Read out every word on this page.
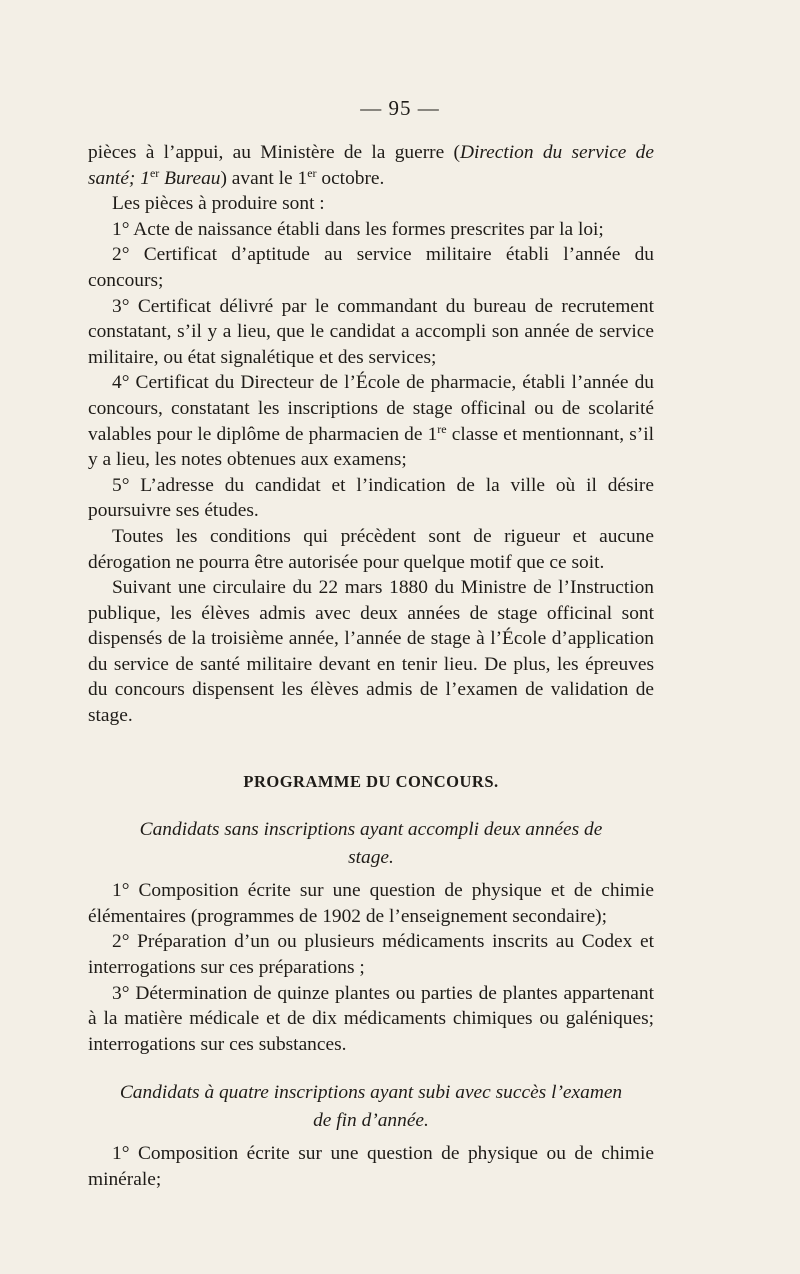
— 95 —

pièces à l’appui, au Ministère de la guerre (Direction du service de santé; 1er Bureau) avant le 1er octobre.

Les pièces à produire sont :

1° Acte de naissance établi dans les formes prescrites par la loi;

2° Certificat d’aptitude au service militaire établi l’année du concours;

3° Certificat délivré par le commandant du bureau de recrutement constatant, s’il y a lieu, que le candidat a accompli son année de service militaire, ou état signalétique et des services;

4° Certificat du Directeur de l’École de pharmacie, établi l’année du concours, constatant les inscriptions de stage officinal ou de scolarité valables pour le diplôme de pharmacien de 1re classe et mentionnant, s’il y a lieu, les notes obtenues aux examens;

5° L’adresse du candidat et l’indication de la ville où il désire poursuivre ses études.

Toutes les conditions qui précèdent sont de rigueur et aucune dérogation ne pourra être autorisée pour quelque motif que ce soit.

Suivant une circulaire du 22 mars 1880 du Ministre de l’Instruction publique, les élèves admis avec deux années de stage officinal sont dispensés de la troisième année, l’année de stage à l’École d’application du service de santé militaire devant en tenir lieu. De plus, les épreuves du concours dispensent les élèves admis de l’examen de validation de stage.

PROGRAMME DU CONCOURS.
Candidats sans inscriptions ayant accompli deux années de stage.

1° Composition écrite sur une question de physique et de chimie élémentaires (programmes de 1902 de l’enseignement secondaire);

2° Préparation d’un ou plusieurs médicaments inscrits au Codex et interrogations sur ces préparations ;

3° Détermination de quinze plantes ou parties de plantes appartenant à la matière médicale et de dix médicaments chimiques ou galéniques; interrogations sur ces substances.

Candidats à quatre inscriptions ayant subi avec succès l’examen de fin d’année.

1° Composition écrite sur une question de physique ou de chimie minérale;
